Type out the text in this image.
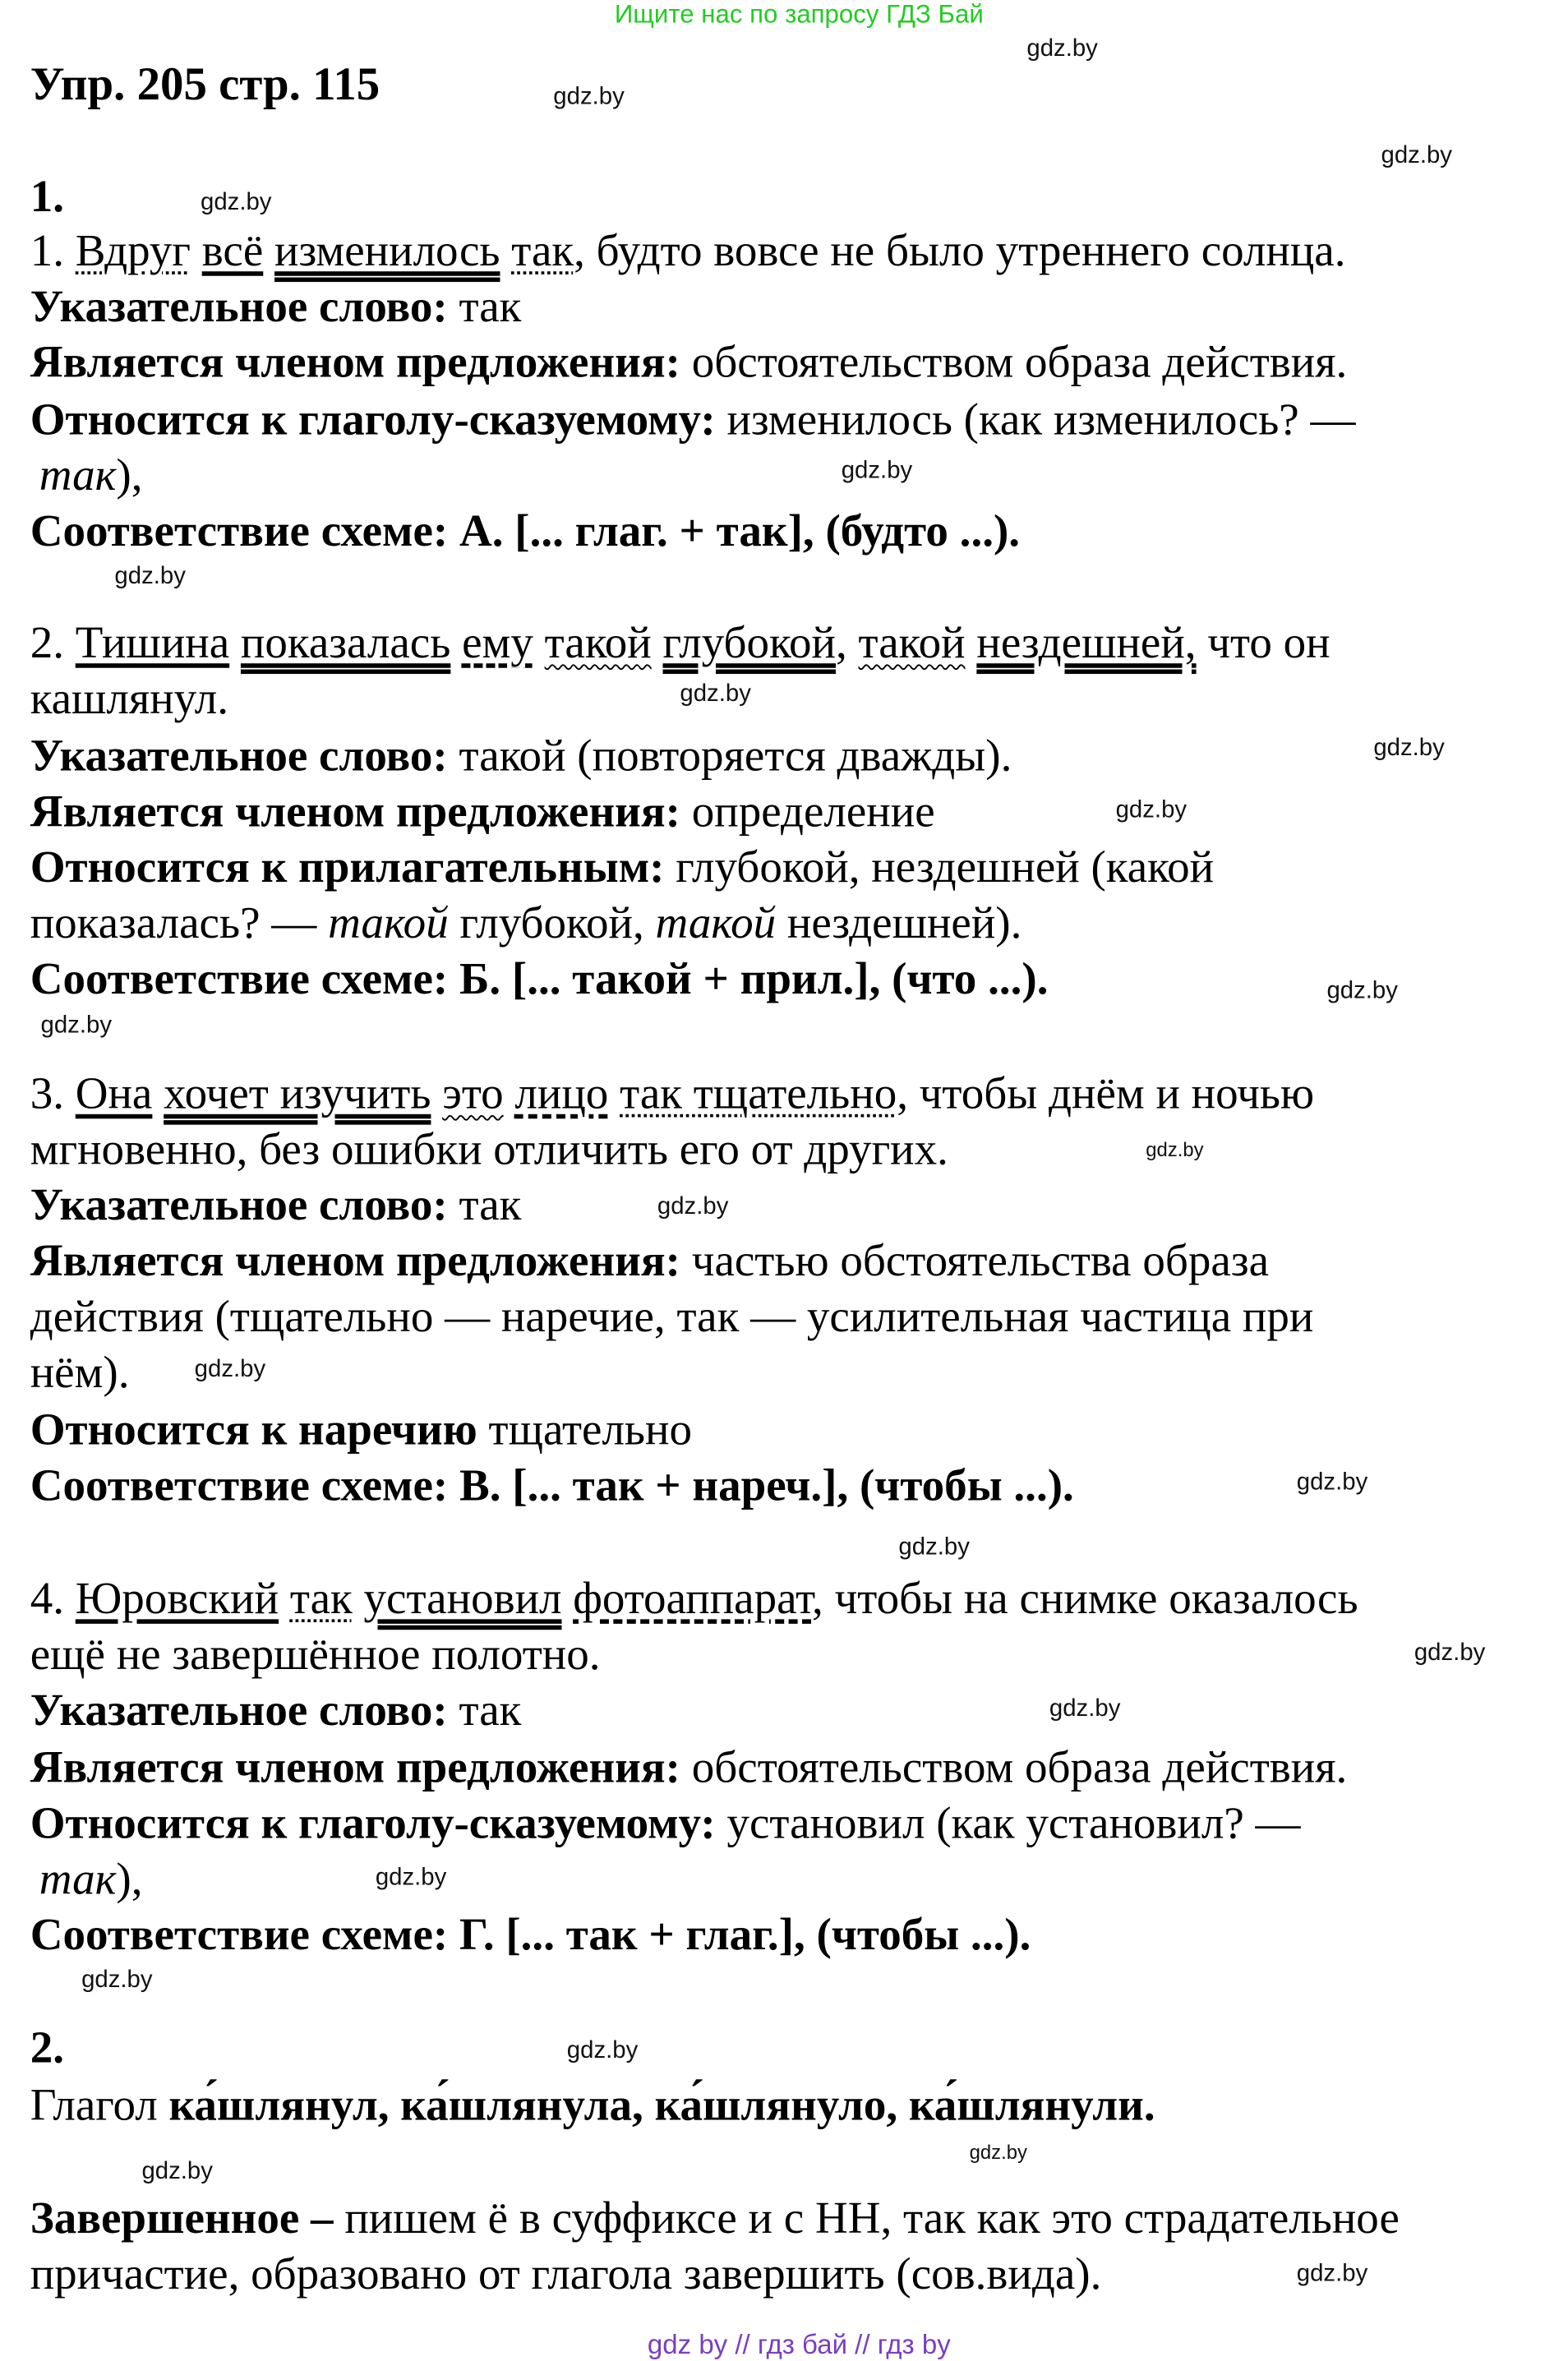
Ищите нас по запросу ГДЗ Бай
Упр. 205 стр. 115
1.
1. Вдруг всё изменилось так, будто вовсе не было утреннего солнца.
Указательное слово: так
Является членом предложения: обстоятельством образа действия.
Относится к глаголу-сказуемому: изменилось (как изменилось? —
так),
Соответствие схеме: А. [... глаг. + так], (будто ...).
2. Тишина показалась ему такой глубокой, такой нездешней, что он
кашлянул.
Указательное слово: такой (повторяется дважды).
Является членом предложения: определение
Относится к прилагательным: глубокой, нездешней (какой
показалась? — такой глубокой, такой нездешней).
Соответствие схеме: Б. [... такой + прил.], (что ...).
3. Она хочет изучить это лицо так тщательно, чтобы днём и ночью
мгновенно, без ошибки отличить его от других.
Указательное слово: так
Является членом предложения: частью обстоятельства образа
действия (тщательно — наречие, так — усилительная частица при
нём).
Относится к наречию тщательно
Соответствие схеме: В. [... так + нареч.], (чтобы ...).
4. Юровский так установил фотоаппарат, чтобы на снимке оказалось
ещё не завершённое полотно.
Указательное слово: так
Является членом предложения: обстоятельством образа действия.
Относится к глаголу-сказуемому: установил (как установил? —
так),
Соответствие схеме: Г. [... так + глаг.], (чтобы ...).
2.
Глагол ка́шлянул, ка́шлянула, ка́шлянуло, ка́шлянули.
Завершенное – пишем ё в суффиксе и с НН, так как это страдательное
причастие, образовано от глагола завершить (сов.вида).
gdz by // гдз бай // гдз by
gdz.by
gdz.by
gdz.by
gdz.by
gdz.by
gdz.by
gdz.by
gdz.by
gdz.by
gdz.by
gdz.by
gdz.by
gdz.by
gdz.by
gdz.by
gdz.by
gdz.by
gdz.by
gdz.by
gdz.by
gdz.by
gdz.by
gdz.by
gdz.by
